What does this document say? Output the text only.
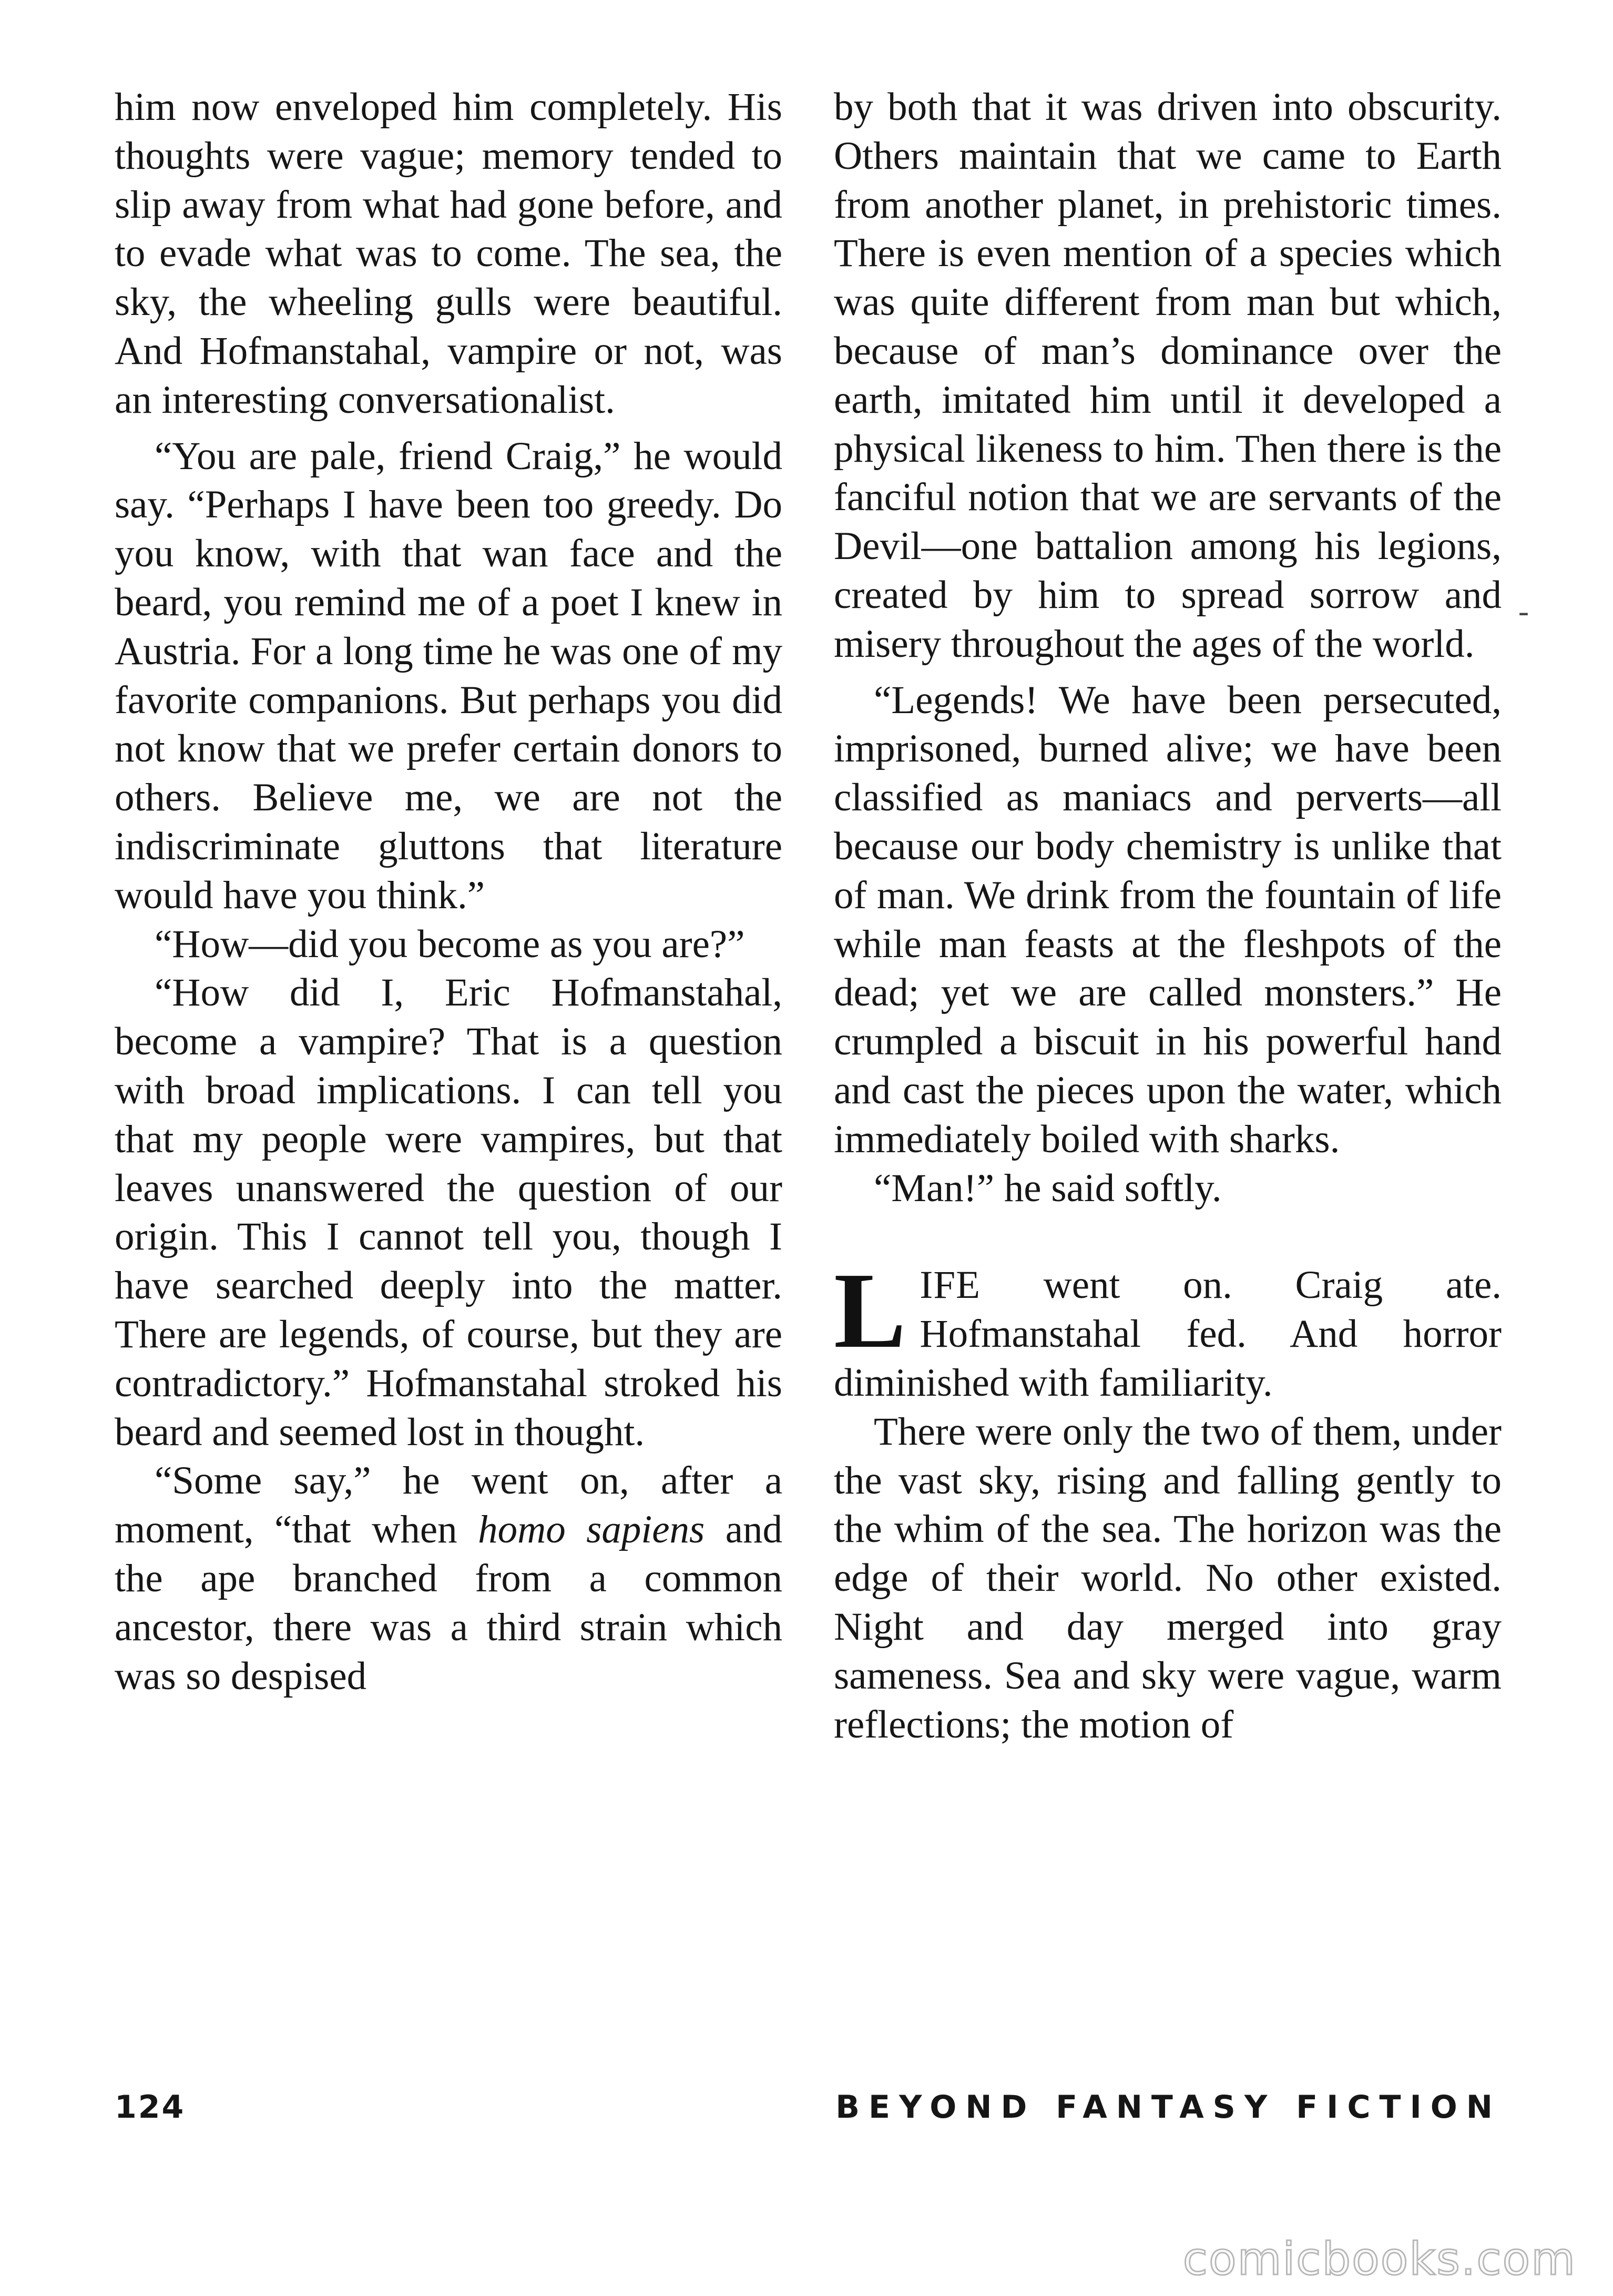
him now enveloped him completely. His thoughts were vague; memory tended to slip away from what had gone before, and to evade what was to come. The sea, the sky, the wheeling gulls were beautiful. And Hofmanstahal, vampire or not, was an interesting conversationalist.

“You are pale, friend Craig,” he would say. “Perhaps I have been too greedy. Do you know, with that wan face and the beard, you remind me of a poet I knew in Austria. For a long time he was one of my favorite companions. But perhaps you did not know that we prefer certain donors to others. Believe me, we are not the indiscriminate gluttons that literature would have you think.”

“How—did you become as you are?”

“How did I, Eric Hofmanstahal, become a vampire? That is a question with broad implications. I can tell you that my people were vampires, but that leaves unanswered the question of our origin. This I cannot tell you, though I have searched deeply into the matter. There are legends, of course, but they are contradictory.” Hofmanstahal stroked his beard and seemed lost in thought.

“Some say,” he went on, after a moment, “that when homo sapiens and the ape branched from a common ancestor, there was a third strain which was so despised

by both that it was driven into obscurity. Others maintain that we came to Earth from another planet, in prehistoric times. There is even mention of a species which was quite different from man but which, because of man’s dominance over the earth, imitated him until it developed a physical likeness to him. Then there is the fanciful notion that we are servants of the Devil—one battalion among his legions, created by him to spread sorrow and misery throughout the ages of the world.

“Legends! We have been persecuted, imprisoned, burned alive; we have been classified as maniacs and perverts—all because our body chemistry is unlike that of man. We drink from the fountain of life while man feasts at the fleshpots of the dead; yet we are called monsters.” He crumpled a biscuit in his powerful hand and cast the pieces upon the water, which immediately boiled with sharks.

“Man!” he said softly.

LIFE went on. Craig ate. Hofmanstahal fed. And horror diminished with familiarity.

There were only the two of them, under the vast sky, rising and falling gently to the whim of the sea. The horizon was the edge of their world. No other existed. Night and day merged into gray sameness. Sea and sky were vague, warm reflections; the motion of

-
124	BEYOND FANTASY FICTION
comicbooks.com
